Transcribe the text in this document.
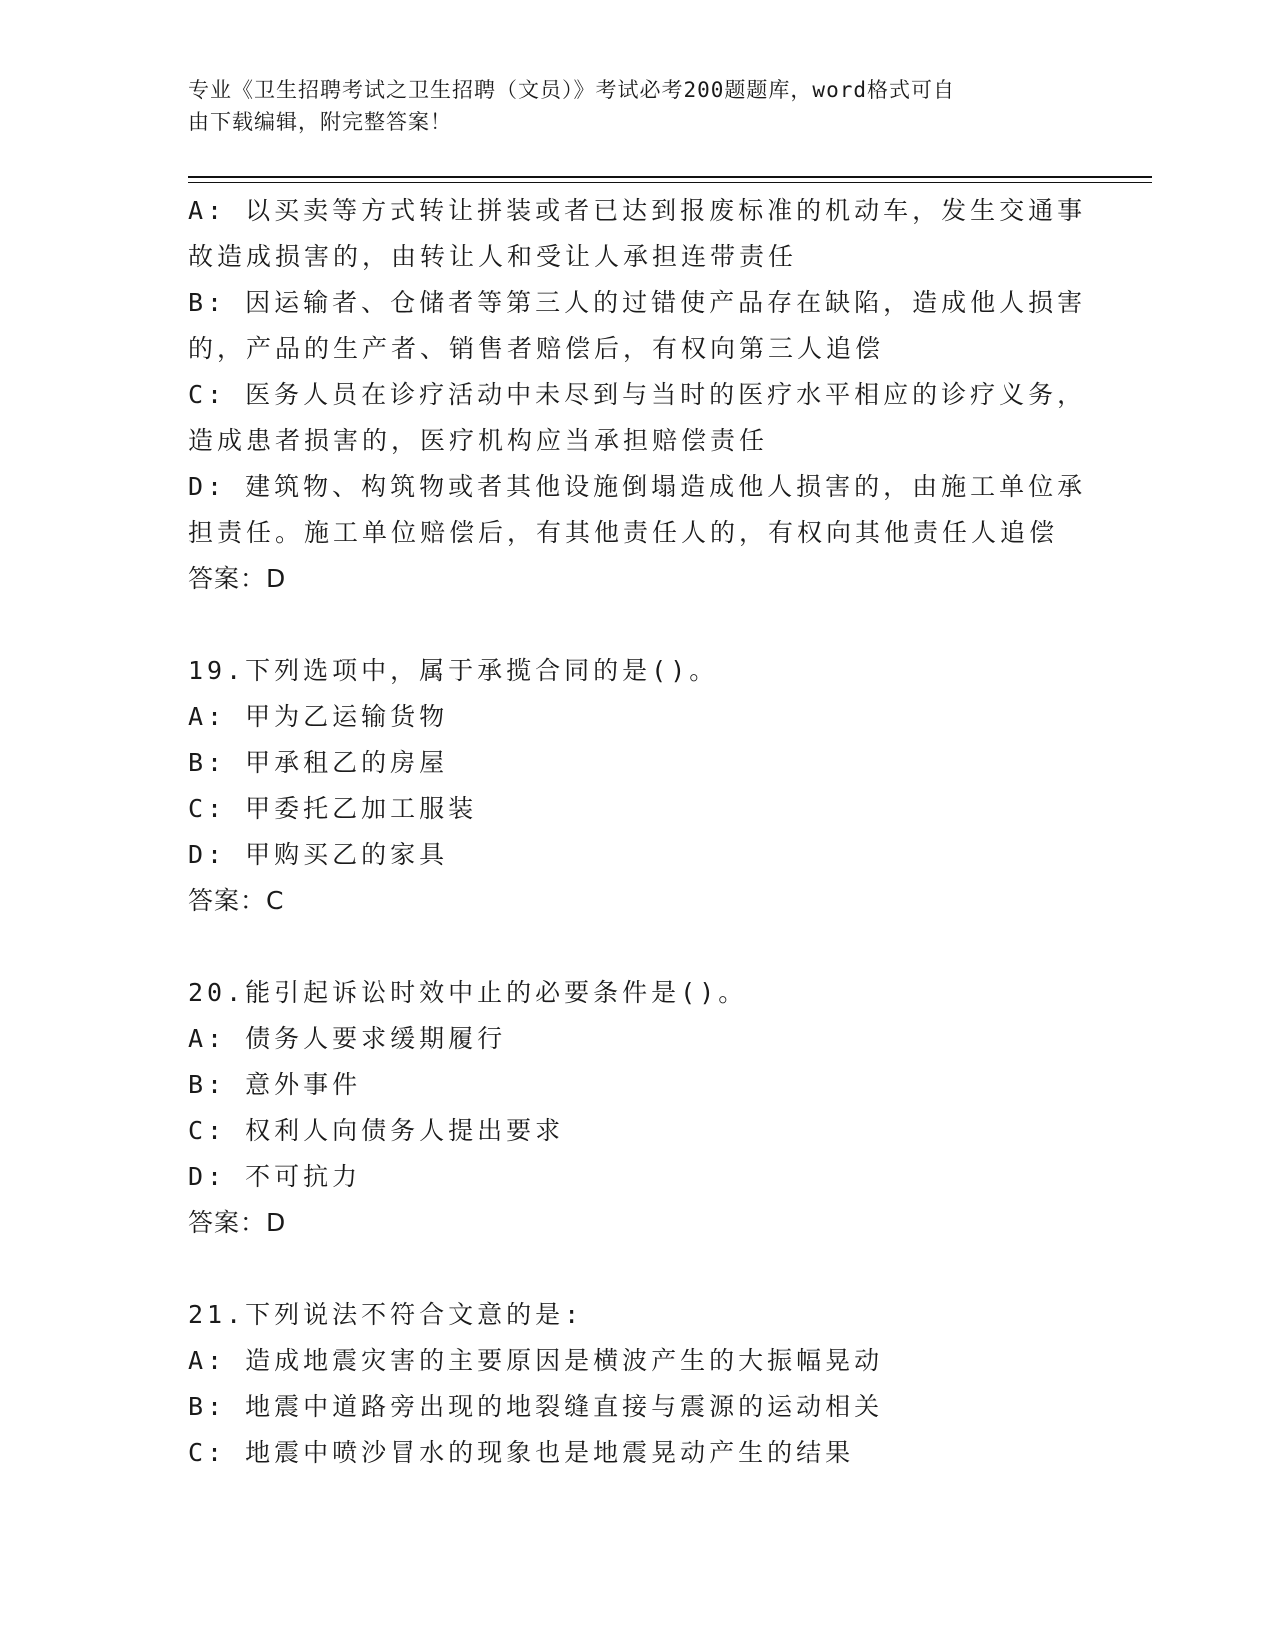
专业《卫生招聘考试之卫生招聘（文员）》考试必考200题题库，word格式可自
由下载编辑，附完整答案！
A: 以买卖等方式转让拼装或者已达到报废标准的机动车，发生交通事
故造成损害的，由转让人和受让人承担连带责任
B: 因运输者、仓储者等第三人的过错使产品存在缺陷，造成他人损害
的，产品的生产者、销售者赔偿后，有权向第三人追偿
C: 医务人员在诊疗活动中未尽到与当时的医疗水平相应的诊疗义务，
造成患者损害的，医疗机构应当承担赔偿责任
D: 建筑物、构筑物或者其他设施倒塌造成他人损害的，由施工单位承
担责任。施工单位赔偿后，有其他责任人的，有权向其他责任人追偿
答案：D
19.下列选项中，属于承揽合同的是()。
A: 甲为乙运输货物
B: 甲承租乙的房屋
C: 甲委托乙加工服装
D: 甲购买乙的家具
答案：C
20.能引起诉讼时效中止的必要条件是()。
A: 债务人要求缓期履行
B: 意外事件
C: 权利人向债务人提出要求
D: 不可抗力
答案：D
21.下列说法不符合文意的是:
A: 造成地震灾害的主要原因是横波产生的大振幅晃动
B: 地震中道路旁出现的地裂缝直接与震源的运动相关
C: 地震中喷沙冒水的现象也是地震晃动产生的结果
